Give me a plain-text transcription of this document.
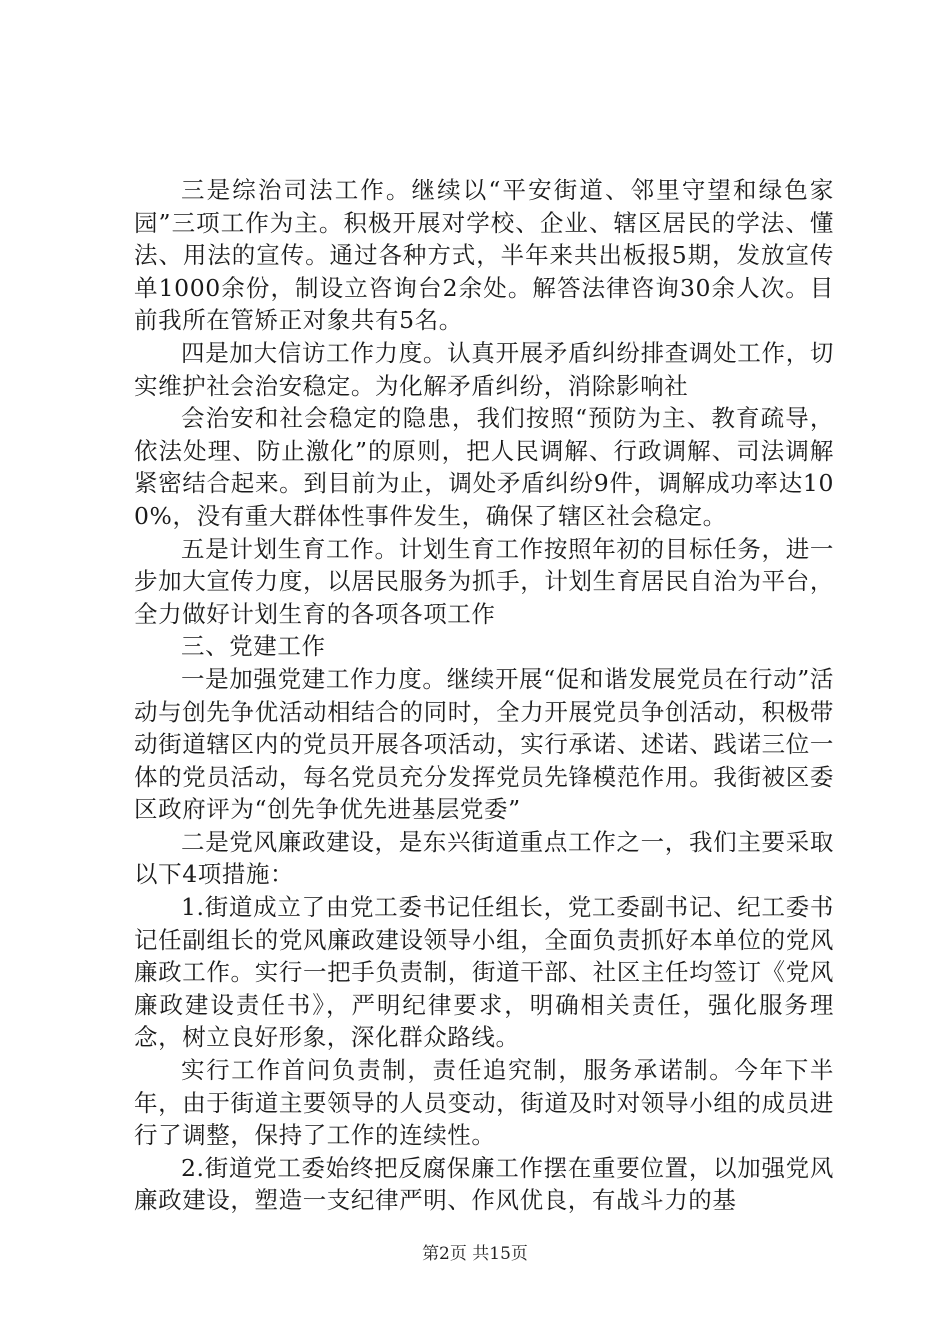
三是综治司法工作。继续以“平安街道、邻里守望和绿色家园”三项工作为主。积极开展对学校、企业、辖区居民的学法、懂法、用法的宣传。通过各种方式，半年来共出板报5期，发放宣传单1000余份，制设立咨询台2余处。解答法律咨询30余人次。目前我所在管矫正对象共有5名。

四是加大信访工作力度。认真开展矛盾纠纷排查调处工作，切实维护社会治安稳定。为化解矛盾纠纷，消除影响社

会治安和社会稳定的隐患，我们按照“预防为主、教育疏导，依法处理、防止激化”的原则，把人民调解、行政调解、司法调解紧密结合起来。到目前为止，调处矛盾纠纷9件，调解成功率达100%，没有重大群体性事件发生，确保了辖区社会稳定。

五是计划生育工作。计划生育工作按照年初的目标任务，进一步加大宣传力度，以居民服务为抓手，计划生育居民自治为平台，全力做好计划生育的各项各项工作

三、党建工作

一是加强党建工作力度。继续开展“促和谐发展党员在行动”活动与创先争优活动相结合的同时，全力开展党员争创活动，积极带动街道辖区内的党员开展各项活动，实行承诺、述诺、践诺三位一体的党员活动，每名党员充分发挥党员先锋模范作用。我街被区委区政府评为“创先争优先进基层党委”

二是党风廉政建设，是东兴街道重点工作之一，我们主要采取以下4项措施：

1.街道成立了由党工委书记任组长，党工委副书记、纪工委书记任副组长的党风廉政建设领导小组，全面负责抓好本单位的党风廉政工作。实行一把手负责制，街道干部、社区主任均签订《党风廉政建设责任书》，严明纪律要求，明确相关责任，强化服务理念，树立良好形象，深化群众路线。

实行工作首问负责制，责任追究制，服务承诺制。今年下半年，由于街道主要领导的人员变动，街道及时对领导小组的成员进行了调整，保持了工作的连续性。

2.街道党工委始终把反腐保廉工作摆在重要位置，以加强党风廉政建设，塑造一支纪律严明、作风优良，有战斗力的基

第2页 共15页
